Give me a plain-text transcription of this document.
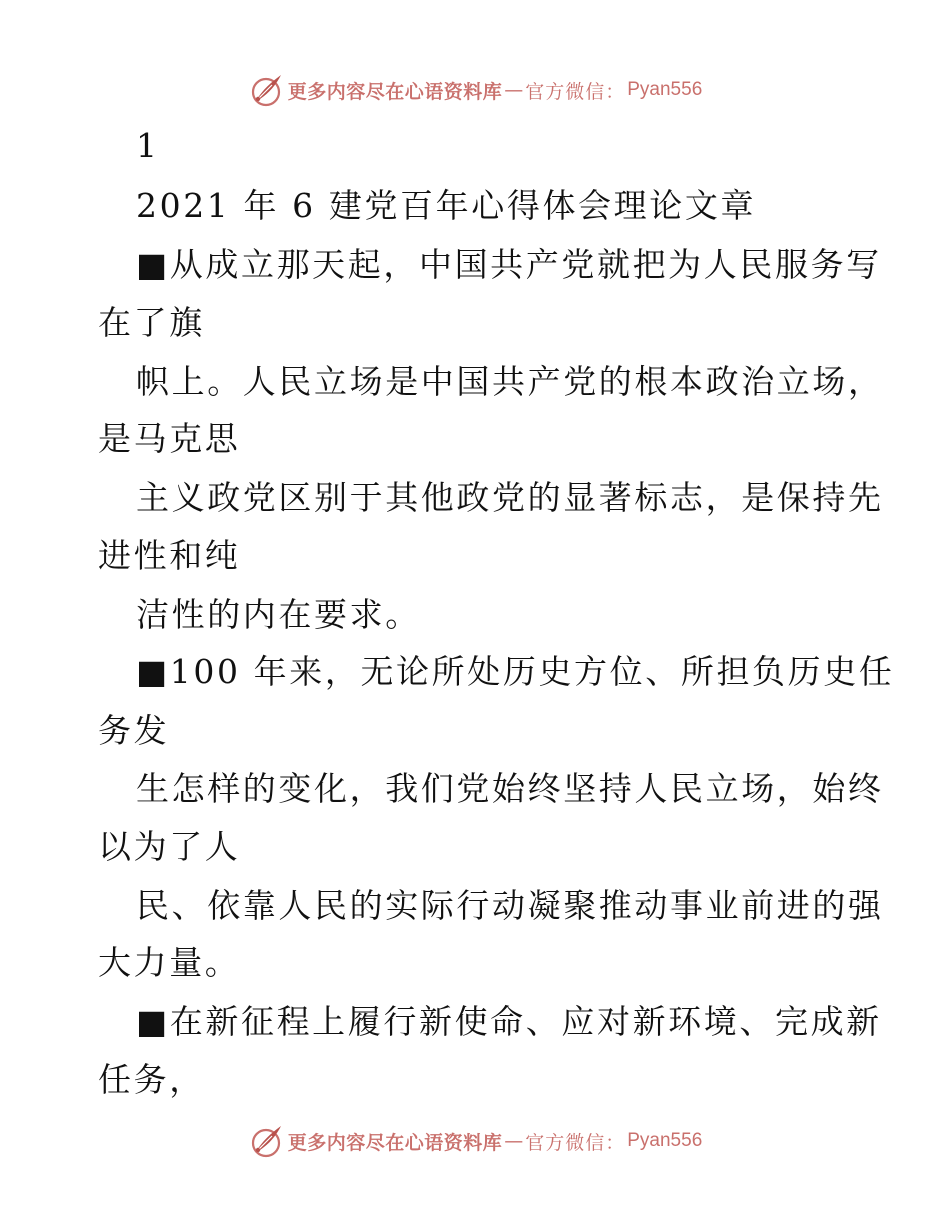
更多内容尽在心语资料库 — 官方微信： Pyan556
1
2021 年 6 建党百年心得体会理论文章
■从成立那天起，中国共产党就把为人民服务写
在了旗
帜上。人民立场是中国共产党的根本政治立场，
是马克思
主义政党区别于其他政党的显著标志，是保持先
进性和纯
洁性的内在要求。
■100 年来，无论所处历史方位、所担负历史任
务发
生怎样的变化，我们党始终坚持人民立场，始终
以为了人
民、依靠人民的实际行动凝聚推动事业前进的强
大力量。
■在新征程上履行新使命、应对新环境、完成新
任务，
更多内容尽在心语资料库 — 官方微信： Pyan556
